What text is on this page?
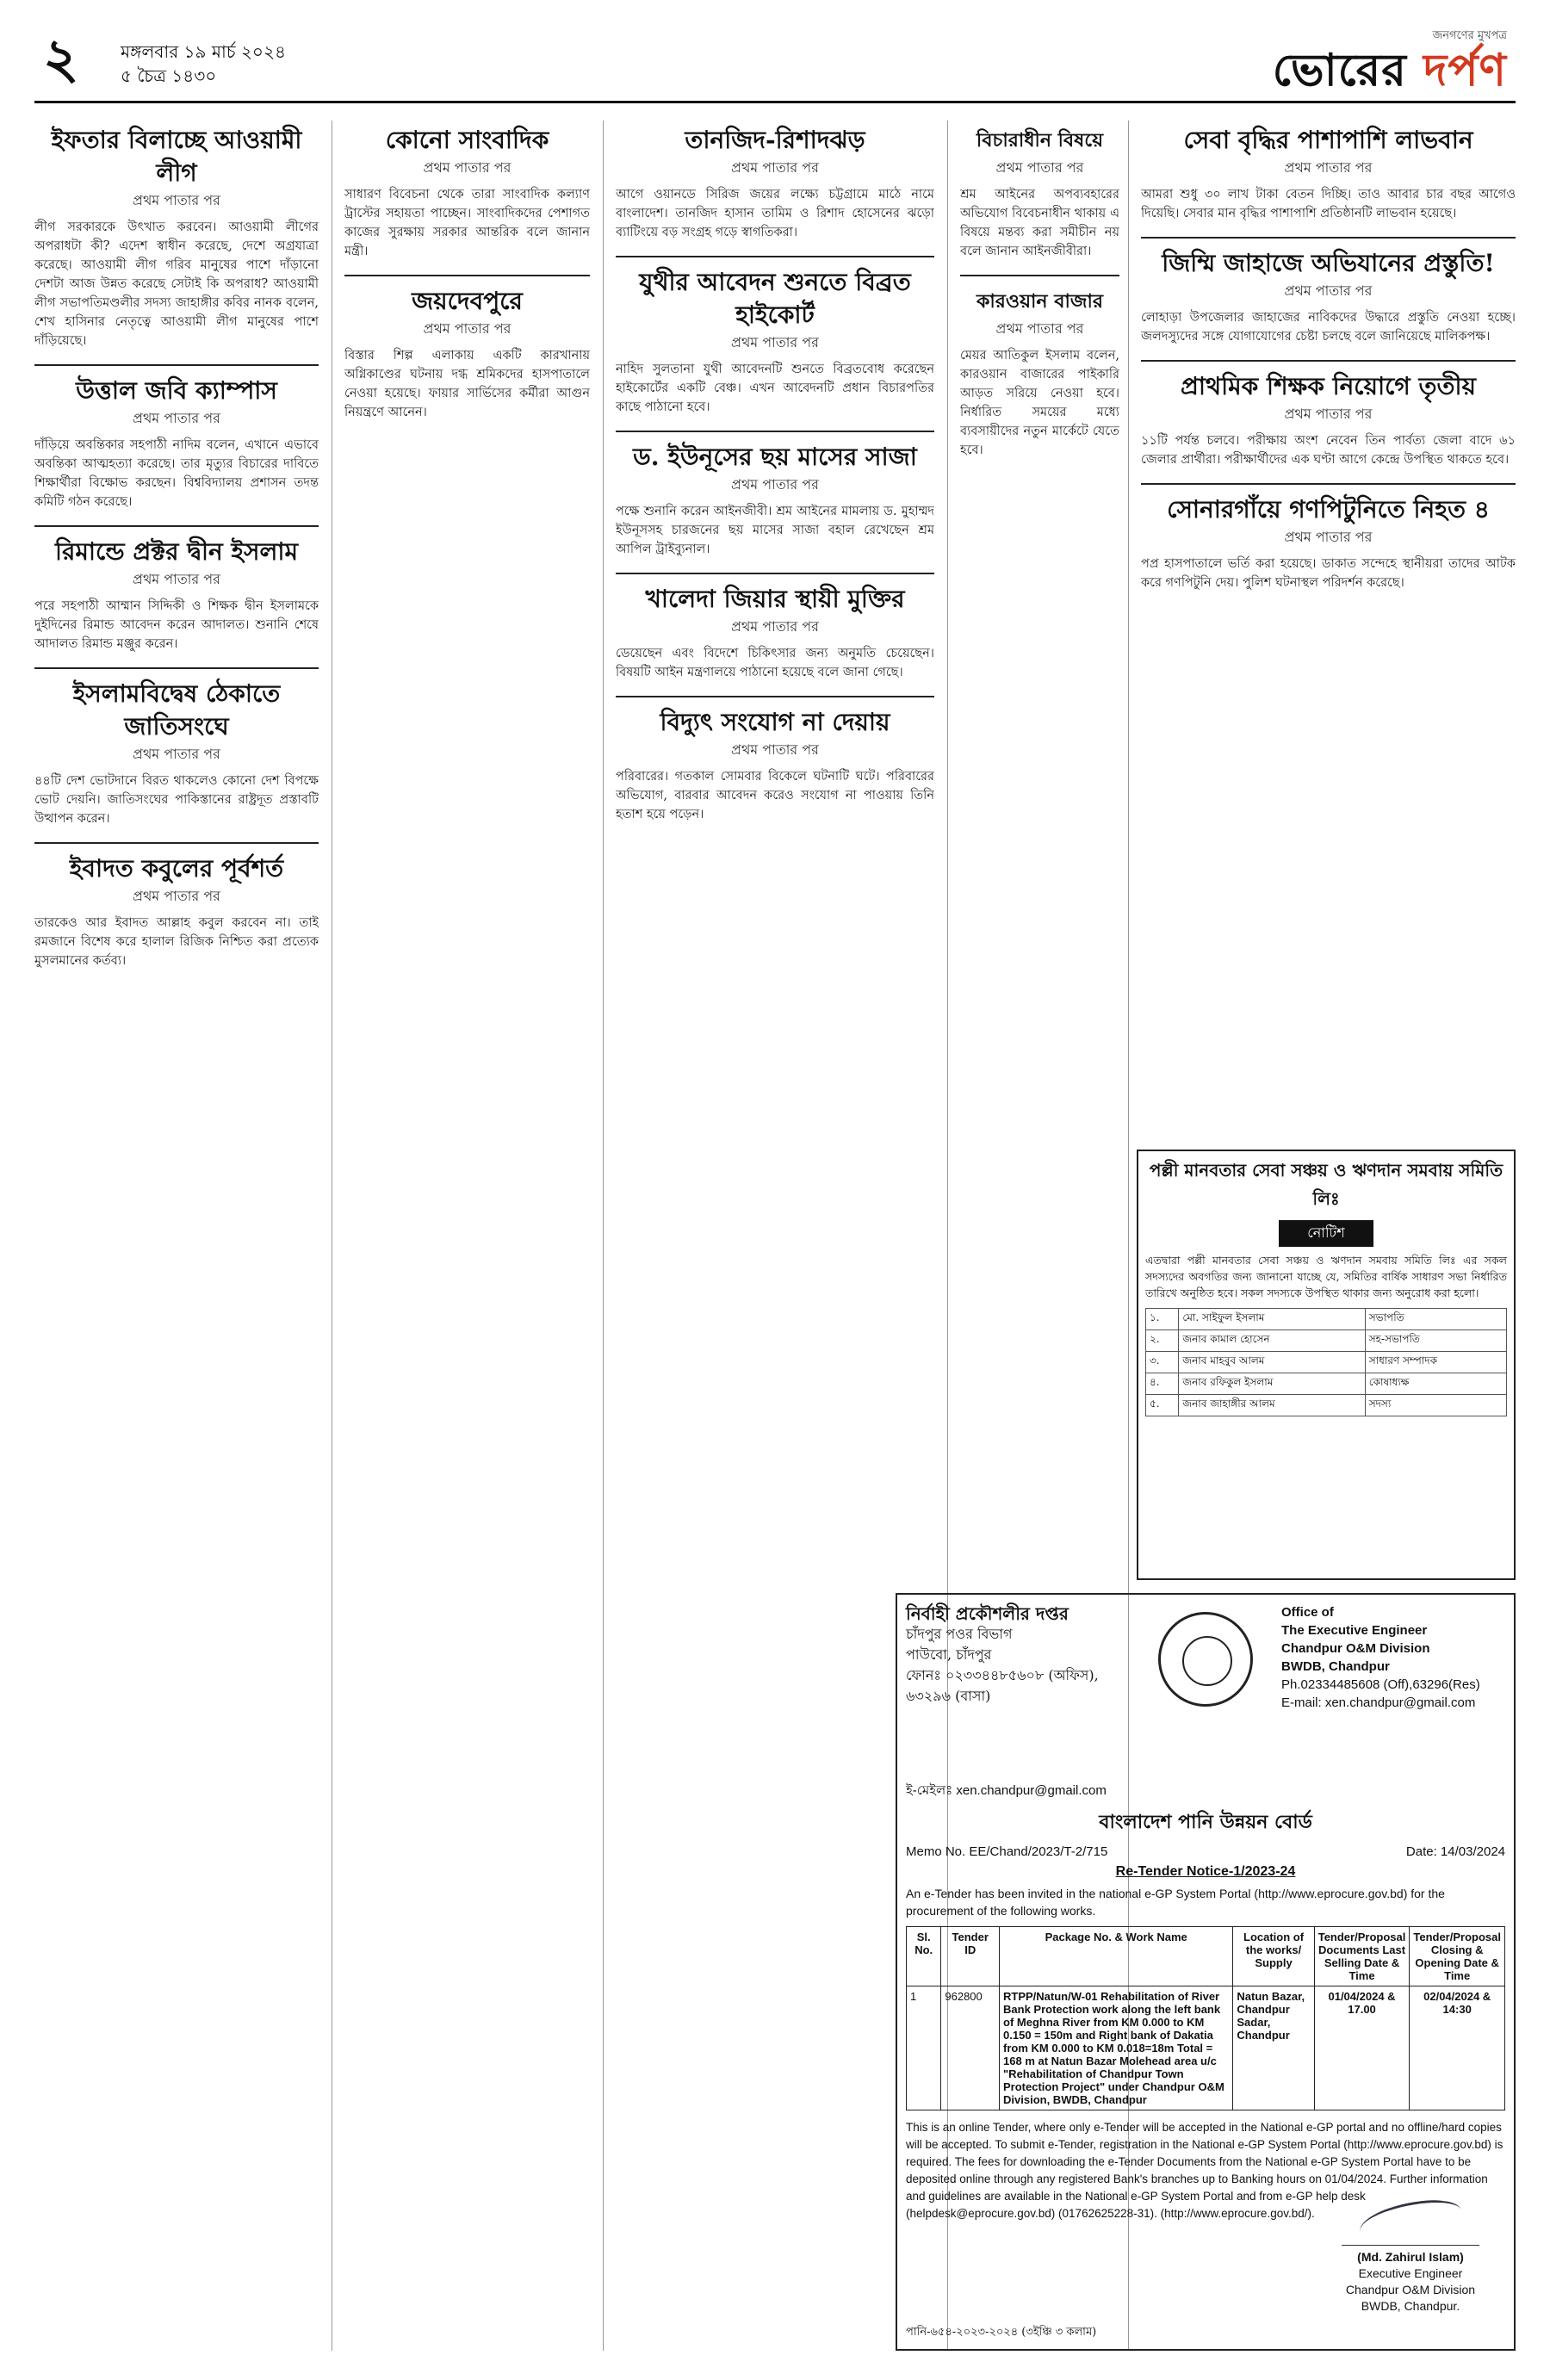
২ মঙ্গলবার ১৯ মার্চ ২০২৪
৫ চৈত্র ১৪৩০
জনগণের মুখপত্র
ভোরের দর্পণ
ইফতার বিলাচ্ছে আওয়ামী লীগ
প্রথম পাতার পর
লীগ সরকারকে উৎখাত করবেন। আওয়ামী লীগের অপরাধটা কী? এদেশ স্বাধীন করেছে, দেশে অগ্রযাত্রা করেছে। আওয়ামী লীগ গরিব মানুষের পাশে দাঁড়ানো দেশটা আজ উন্নত করেছে সেটাই কি অপরাধ? আওয়ামী লীগ সভাপতিমণ্ডলীর সদস্য জাহাঙ্গীর কবির নানক বলেন, শেখ হাসিনার নেতৃত্বে আওয়ামী লীগ মানুষের পাশে দাঁড়িয়েছে।
উত্তাল জবি ক্যাম্পাস
প্রথম পাতার পর
দাঁড়িয়ে অবন্তিকার সহপাঠী নাদিম বলেন, এখানে এভাবে অবন্তিকা আত্মহত্যা করেছে। তার মৃত্যুর বিচারের দাবিতে শিক্ষার্থীরা বিক্ষোভ করছেন। বিশ্ববিদ্যালয় প্রশাসন তদন্ত কমিটি গঠন করেছে।
রিমান্ডে প্রক্টর দ্বীন ইসলাম
প্রথম পাতার পর
পরে সহপাঠী আম্মান সিদ্দিকী ও শিক্ষক দ্বীন ইসলামকে দুইদিনের রিমান্ড আবেদন করেন আদালত। শুনানি শেষে আদালত রিমান্ড মঞ্জুর করেন।
ইসলামবিদ্বেষ ঠেকাতে জাতিসংঘে
প্রথম পাতার পর
৪৪টি দেশ ভোটদানে বিরত থাকলেও কোনো দেশ বিপক্ষে ভোট দেয়নি। জাতিসংঘের পাকিস্তানের রাষ্ট্রদূত প্রস্তাবটি উত্থাপন করেন।
ইবাদত কবুলের পূর্বশর্ত
প্রথম পাতার পর
তারকেও আর ইবাদত আল্লাহ কবুল করবেন না। তাই রমজানে বিশেষ করে হালাল রিজিক নিশ্চিত করা প্রত্যেক মুসলমানের কর্তব্য।
কোনো সাংবাদিক
প্রথম পাতার পর
সাধারণ বিবেচনা থেকে তারা সাংবাদিক কল্যাণ ট্রাস্টের সহায়তা পাচ্ছেন। সাংবাদিকদের পেশাগত কাজের সুরক্ষায় সরকার আন্তরিক বলে জানান মন্ত্রী।
জয়দেবপুরে
প্রথম পাতার পর
বিস্তার শিল্প এলাকায় একটি কারখানায় অগ্নিকাণ্ডের ঘটনায় দগ্ধ শ্রমিকদের হাসপাতালে নেওয়া হয়েছে। ফায়ার সার্ভিসের কর্মীরা আগুন নিয়ন্ত্রণে আনেন।
তানজিদ-রিশাদঝড়
প্রথম পাতার পর
আগে ওয়ানডে সিরিজ জয়ের লক্ষ্যে চট্টগ্রামে মাঠে নামে বাংলাদেশ। তানজিদ হাসান তামিম ও রিশাদ হোসেনের ঝড়ো ব্যাটিংয়ে বড় সংগ্রহ গড়ে স্বাগতিকরা।
যুথীর আবেদন শুনতে বিব্রত হাইকোর্ট
প্রথম পাতার পর
নাহিদ সুলতানা যুথী আবেদনটি শুনতে বিব্রতবোধ করেছেন হাইকোর্টের একটি বেঞ্চ। এখন আবেদনটি প্রধান বিচারপতির কাছে পাঠানো হবে।
ড. ইউনূসের ছয় মাসের সাজা
প্রথম পাতার পর
পক্ষে শুনানি করেন আইনজীবী। শ্রম আইনের মামলায় ড. মুহাম্মদ ইউনূসসহ চারজনের ছয় মাসের সাজা বহাল রেখেছেন শ্রম আপিল ট্রাইব্যুনাল।
খালেদা জিয়ার স্থায়ী মুক্তির
প্রথম পাতার পর
ডেয়েছেন এবং বিদেশে চিকিৎসার জন্য অনুমতি চেয়েছেন। বিষয়টি আইন মন্ত্রণালয়ে পাঠানো হয়েছে বলে জানা গেছে।
বিদ্যুৎ সংযোগ না দেয়ায়
প্রথম পাতার পর
পরিবারের। গতকাল সোমবার বিকেলে ঘটনাটি ঘটে। পরিবারের অভিযোগ, বারবার আবেদন করেও সংযোগ না পাওয়ায় তিনি হতাশ হয়ে পড়েন।
বিচারাধীন বিষয়ে
প্রথম পাতার পর
শ্রম আইনের অপব্যবহারের অভিযোগ বিবেচনাধীন থাকায় এ বিষয়ে মন্তব্য করা সমীচীন নয় বলে জানান আইনজীবীরা।
কারওয়ান বাজার
প্রথম পাতার পর
মেয়র আতিকুল ইসলাম বলেন, কারওয়ান বাজারের পাইকারি আড়ত সরিয়ে নেওয়া হবে। নির্ধারিত সময়ের মধ্যে ব্যবসায়ীদের নতুন মার্কেটে যেতে হবে।
সেবা বৃদ্ধির পাশাপাশি লাভবান
প্রথম পাতার পর
আমরা শুধু ৩০ লাখ টাকা বেতন দিচ্ছি। তাও আবার চার বছর আগেও দিয়েছি। সেবার মান বৃদ্ধির পাশাপাশি প্রতিষ্ঠানটি লাভবান হয়েছে।
জিম্মি জাহাজে অভিযানের প্রস্তুতি!
প্রথম পাতার পর
লোহাড়া উপজেলার জাহাজের নাবিকদের উদ্ধারে প্রস্তুতি নেওয়া হচ্ছে। জলদস্যুদের সঙ্গে যোগাযোগের চেষ্টা চলছে বলে জানিয়েছে মালিকপক্ষ।
প্রাথমিক শিক্ষক নিয়োগে তৃতীয়
প্রথম পাতার পর
১১টি পর্যন্ত চলবে। পরীক্ষায় অংশ নেবেন তিন পার্বত্য জেলা বাদে ৬১ জেলার প্রার্থীরা। পরীক্ষার্থীদের এক ঘণ্টা আগে কেন্দ্রে উপস্থিত থাকতে হবে।
সোনারগাঁয়ে গণপিটুনিতে নিহত ৪
প্রথম পাতার পর
পপ্র হাসপাতালে ভর্তি করা হয়েছে। ডাকাত সন্দেহে স্থানীয়রা তাদের আটক করে গণপিটুনি দেয়। পুলিশ ঘটনাস্থল পরিদর্শন করেছে।
পল্লী মানবতার সেবা সঞ্চয় ও ঋণদান সমবায় সমিতি লিঃ
নোটিশ
এতদ্বারা পল্লী মানবতার সেবা সঞ্চয় ও ঋণদান সমবায় সমিতি লিঃ এর সকল সদস্যদের অবগতির জন্য জানানো যাচ্ছে যে, সমিতির বার্ষিক সাধারণ সভা নির্ধারিত তারিখে অনুষ্ঠিত হবে। সকল সদস্যকে উপস্থিত থাকার জন্য অনুরোধ করা হলো।
১.	মো. সাইফুল ইসলাম	সভাপতি
২.	জনাব কামাল হোসেন	সহ-সভাপতি
৩.	জনাব মাহবুব আলম	সাধারণ সম্পাদক
৪.	জনাব রফিকুল ইসলাম	কোষাধ্যক্ষ
৫.	জনাব জাহাঙ্গীর আলম	সদস্য
নির্বাহী প্রকৌশলীর দপ্তর
চাঁদপুর পওর বিভাগ
পাউবো, চাঁদপুর
ফোনঃ ০২৩৩৪৪৮৫৬০৮ (অফিস),
৬৩২৯৬ (বাসা)
Office of
The Executive Engineer
Chandpur O&M Division
BWDB, Chandpur
Ph.02334485608 (Off),63296(Res)
E-mail: xen.chandpur@gmail.com
ই-মেইলঃ xen.chandpur@gmail.com
বাংলাদেশ পানি উন্নয়ন বোর্ড
Memo No. EE/Chand/2023/T-2/715	Date: 14/03/2024
Re-Tender Notice-1/2023-24
An e-Tender has been invited in the national e-GP System Portal (http://www.eprocure.gov.bd) for the procurement of the following works.
Sl. No.	Tender ID	Package No. & Work Name	Location of the works/ Supply	Tender/Proposal Documents Last Selling Date & Time	Tender/Proposal Closing & Opening Date & Time
1	962800	RTPP/Natun/W-01 Rehabilitation of River Bank Protection work along the left bank of Meghna River from KM 0.000 to KM 0.150 = 150m and Right bank of Dakatia from KM 0.000 to KM 0.018=18m Total = 168 m at Natun Bazar Molehead area u/c "Rehabilitation of Chandpur Town Protection Project" under Chandpur O&M Division, BWDB, Chandpur	Natun Bazar, Chandpur Sadar, Chandpur	01/04/2024 & 17.00	02/04/2024 & 14:30
This is an online Tender, where only e-Tender will be accepted in the National e-GP portal and no offline/hard copies will be accepted. To submit e-Tender, registration in the National e-GP System Portal (http://www.eprocure.gov.bd) is required. The fees for downloading the e-Tender Documents from the National e-GP System Portal have to be deposited online through any registered Bank's branches up to Banking hours on 01/04/2024. Further information and guidelines are available in the National e-GP System Portal and from e-GP help desk (helpdesk@eprocure.gov.bd) (01762625228-31). (http://www.eprocure.gov.bd/).
(Md. Zahirul Islam)
Executive Engineer
Chandpur O&M Division
BWDB, Chandpur.
পানি-৬৫৪-২০২৩-২০২৪ (৩ইঞ্চি ৩ কলাম)
